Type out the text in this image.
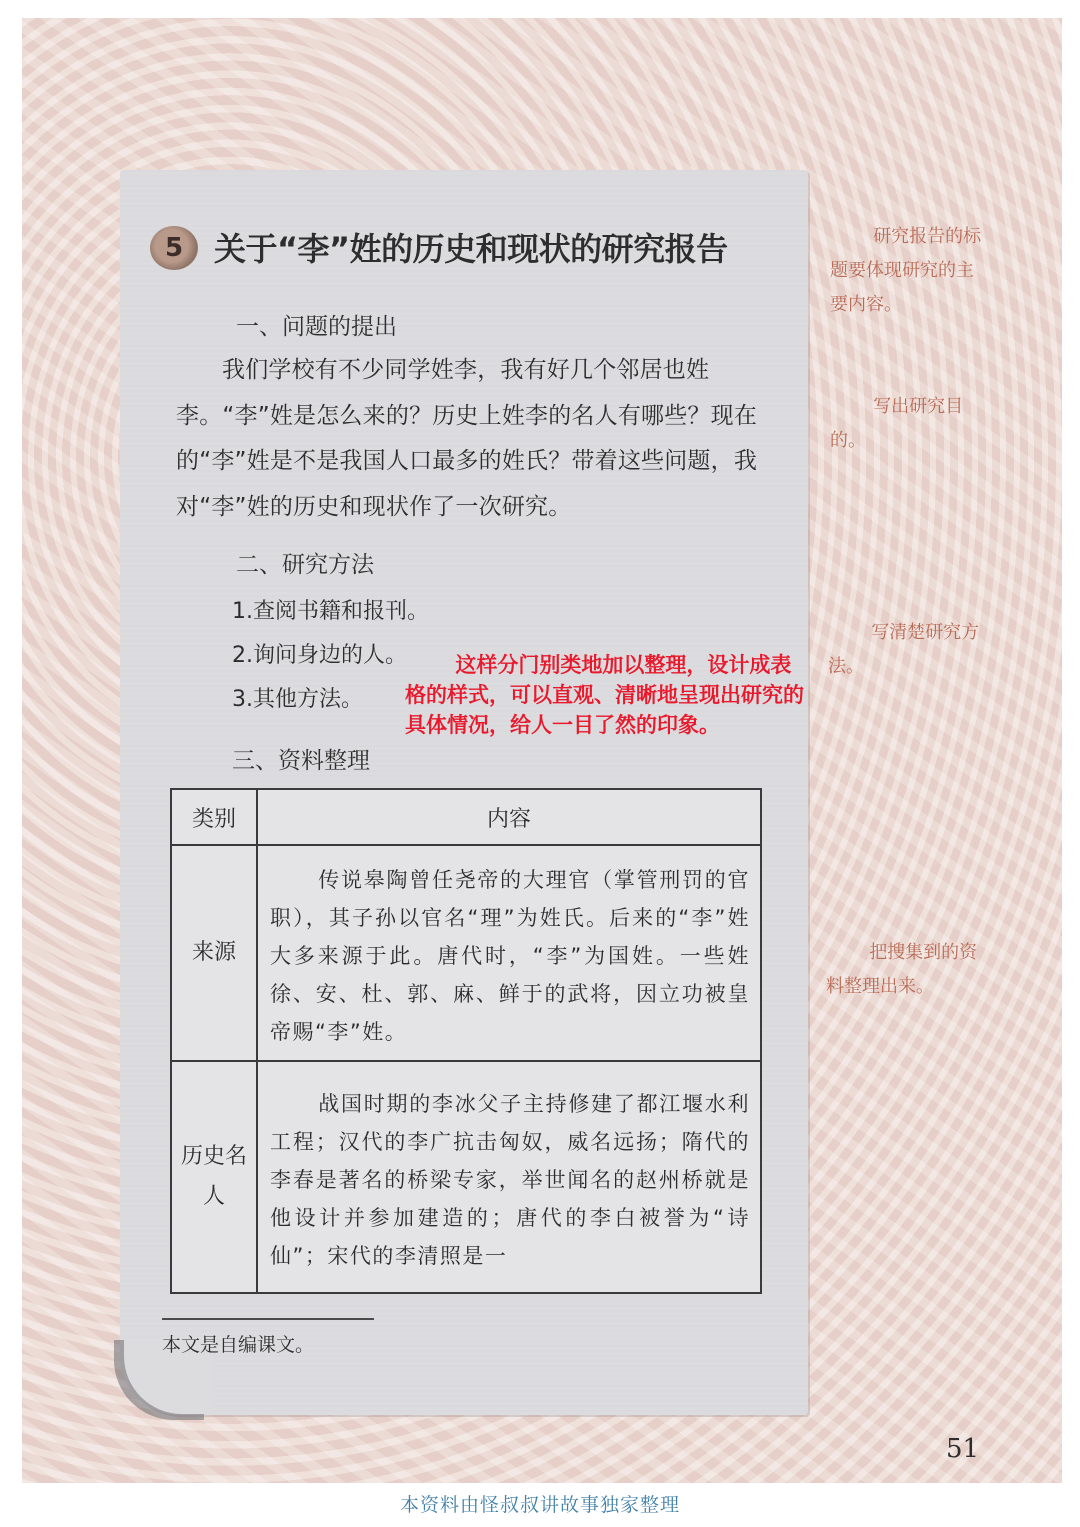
5 关于“李”姓的历史和现状的研究报告
一、问题的提出
我们学校有不少同学姓李，我有好几个邻居也姓李。“李”姓是怎么来的？历史上姓李的名人有哪些？现在的“李”姓是不是我国人口最多的姓氏？带着这些问题，我对“李”姓的历史和现状作了一次研究。
二、研究方法
1.查阅书籍和报刊。
2.询问身边的人。
3.其他方法。
三、资料整理
这样分门别类地加以整理，设计成表格的样式，可以直观、清晰地呈现出研究的具体情况，给人一目了然的印象。
类别	内容
来源	传说皋陶曾任尧帝的大理官（掌管刑罚的官职），其子孙以官名“理”为姓氏。后来的“李”姓大多来源于此。唐代时，“李”为国姓。一些姓徐、安、杜、郭、麻、鲜于的武将，因立功被皇帝赐“李”姓。
历史名人	战国时期的李冰父子主持修建了都江堰水利工程；汉代的李广抗击匈奴，威名远扬；隋代的李春是著名的桥梁专家，举世闻名的赵州桥就是他设计并参加建造的；唐代的李白被誉为“诗仙”；宋代的李清照是一
本文是自编课文。
研究报告的标题要体现研究的主要内容。
写出研究目的。
写清楚研究方法。
把搜集到的资料整理出来。
51
本资料由怪叔叔讲故事独家整理
